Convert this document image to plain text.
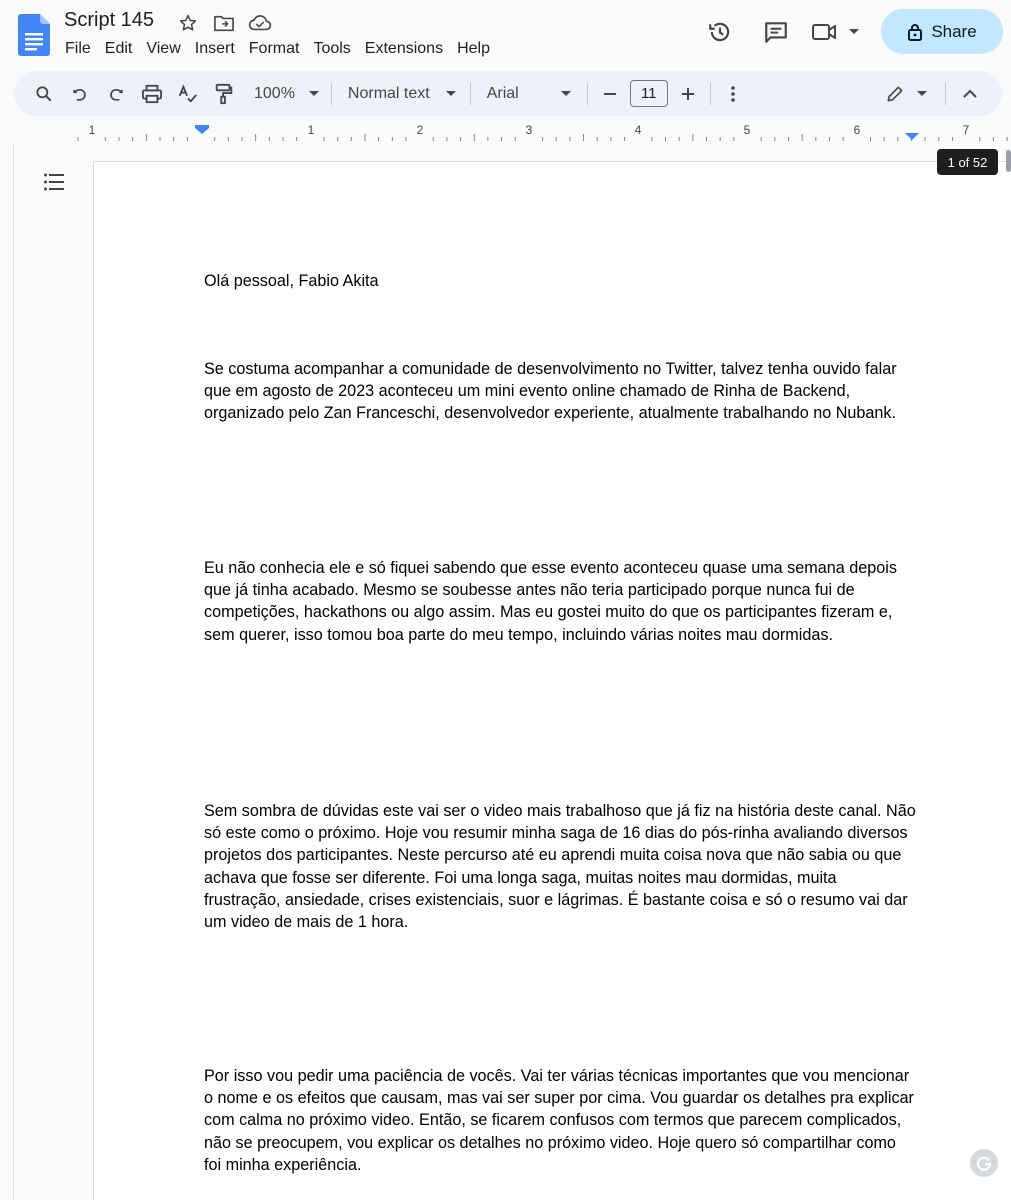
Script 145
File Edit View Insert Format Tools Extensions Help
Share
100%	Normal text	Arial	11
1	1	2	3	4	5	6	7

Olá pessoal, Fabio Akita

Se costuma acompanhar a comunidade de desenvolvimento no Twitter, talvez tenha ouvido falar que em agosto de 2023 aconteceu um mini evento online chamado de Rinha de Backend, organizado pelo Zan Franceschi, desenvolvedor experiente, atualmente trabalhando no Nubank.

Eu não conhecia ele e só fiquei sabendo que esse evento aconteceu quase uma semana depois que já tinha acabado. Mesmo se soubesse antes não teria participado porque nunca fui de competições, hackathons ou algo assim. Mas eu gostei muito do que os participantes fizeram e, sem querer, isso tomou boa parte do meu tempo, incluindo várias noites mau dormidas.

Sem sombra de dúvidas este vai ser o video mais trabalhoso que já fiz na história deste canal. Não só este como o próximo. Hoje vou resumir minha saga de 16 dias do pós-rinha avaliando diversos projetos dos participantes. Neste percurso até eu aprendi muita coisa nova que não sabia ou que achava que fosse ser diferente. Foi uma longa saga, muitas noites mau dormidas, muita frustração, ansiedade, crises existenciais, suor e lágrimas. É bastante coisa e só o resumo vai dar um video de mais de 1 hora.

Por isso vou pedir uma paciência de vocês. Vai ter várias técnicas importantes que vou mencionar o nome e os efeitos que causam, mas vai ser super por cima. Vou guardar os detalhes pra explicar com calma no próximo video. Então, se ficarem confusos com termos que parecem complicados, não se preocupem, vou explicar os detalhes no próximo video. Hoje quero só compartilhar como foi minha experiência.

1 of 52
